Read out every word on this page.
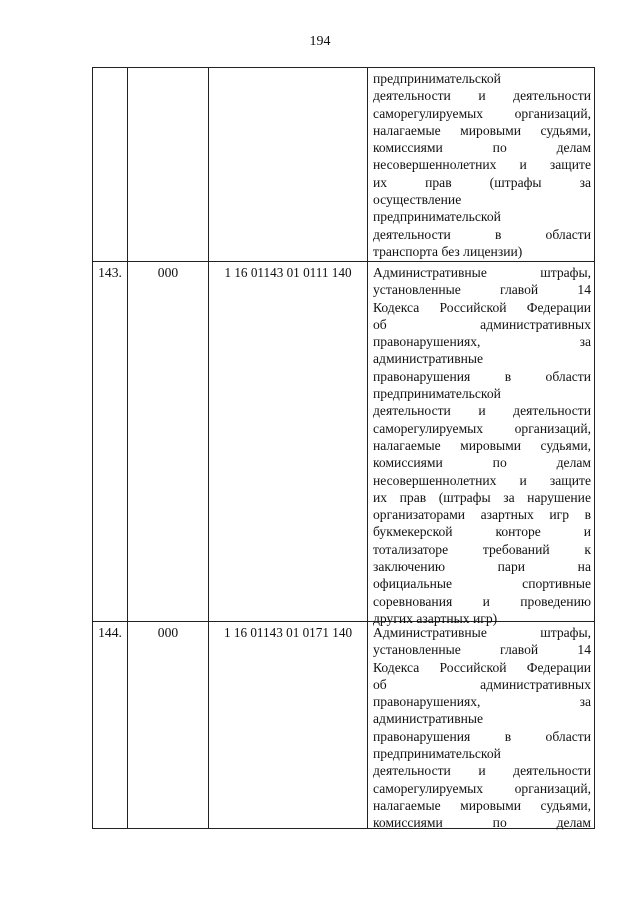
194
предпринимательской
деятельности и деятельности
саморегулируемых организаций,
налагаемые мировыми судьями,
комиссиями по делам
несовершеннолетних и защите
их прав (штрафы за
осуществление
предпринимательской
деятельности в области
транспорта без лицензии)
143.	000	1 16 01143 01 0111 140	Административные штрафы,
установленные главой 14
Кодекса Российской Федерации
об административных
правонарушениях, за
административные
правонарушения в области
предпринимательской
деятельности и деятельности
саморегулируемых организаций,
налагаемые мировыми судьями,
комиссиями по делам
несовершеннолетних и защите
их прав (штрафы за нарушение
организаторами азартных игр в
букмекерской конторе и
тотализаторе требований к
заключению пари на
официальные спортивные
соревнования и проведению
других азартных игр)
144.	000	1 16 01143 01 0171 140	Административные штрафы,
установленные главой 14
Кодекса Российской Федерации
об административных
правонарушениях, за
административные
правонарушения в области
предпринимательской
деятельности и деятельности
саморегулируемых организаций,
налагаемые мировыми судьями,
комиссиями по делам
